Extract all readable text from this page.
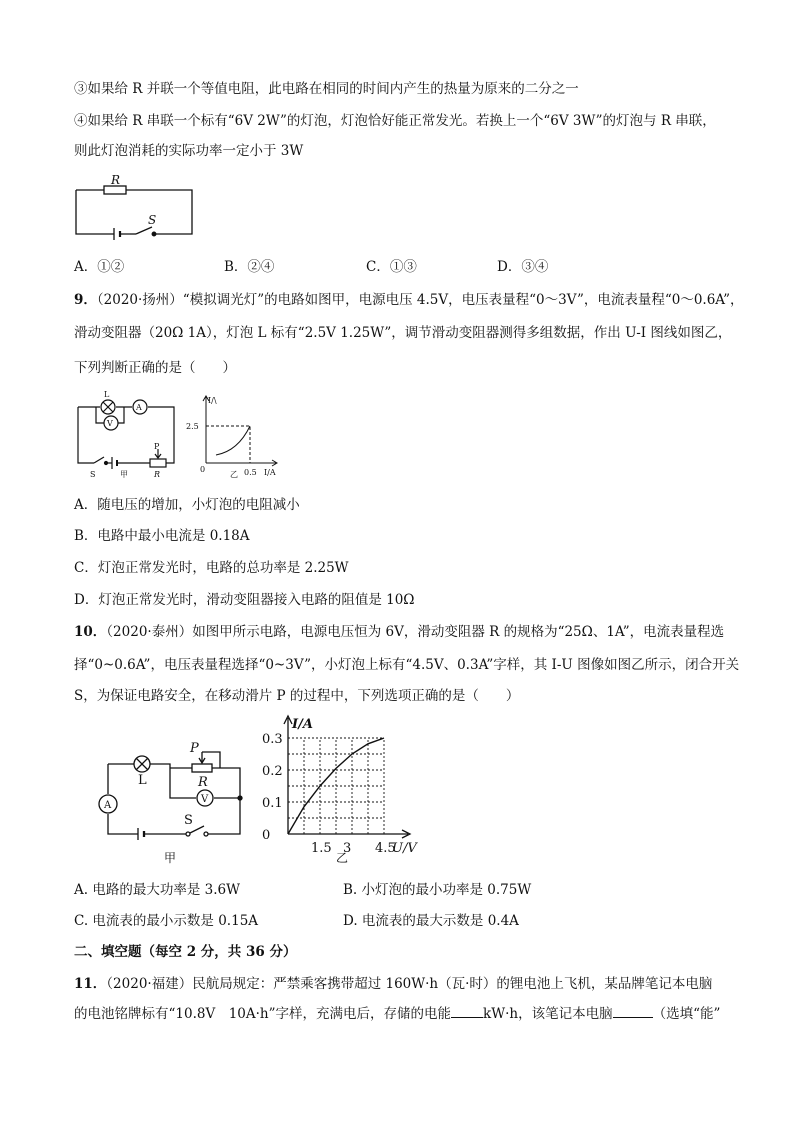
③如果给 R 并联一个等值电阻，此电路在相同的时间内产生的热量为原来的二分之一
④如果给 R 串联一个标有“6V 2W”的灯泡，灯泡恰好能正常发光。若换上一个“6V 3W”的灯泡与 R 串联，
则此灯泡消耗的实际功率一定小于 3W
R
S
A．①②	B．②④	C．①③	D．③④
9．（2020·扬州）“模拟调光灯”的电路如图甲，电源电压 4.5V，电压表量程“0～3V”，电流表量程“0～0.6A”，
滑动变阻器（20Ω 1A），灯泡 L 标有“2.5V 1.25W”，调节滑动变阻器测得多组数据，作出 U-I 图线如图乙，
下列判断正确的是（　　）
L
A
V
P
R
S	甲
I/\
2.5
0	0.5 I/A
乙
A．随电压的增加，小灯泡的电阻减小
B．电路中最小电流是 0.18A
C．灯泡正常发光时，电路的总功率是 2.25W
D．灯泡正常发光时，滑动变阻器接入电路的阻值是 10Ω
10．（2020·泰州）如图甲所示电路，电源电压恒为 6V，滑动变阻器 R 的规格为“25Ω、1A”，电流表量程选
择“0~0.6A”，电压表量程选择“0~3V”，小灯泡上标有“4.5V、0.3A”字样，其 I-U 图像如图乙所示，闭合开关
S，为保证电路安全，在移动滑片 P 的过程中，下列选项正确的是（　　）
L
A
V
P
R
S
甲
I/A
0.3
0.2
0.1
0
1.5 3 4.5
U/V
乙
A. 电路的最大功率是 3.6W	B. 小灯泡的最小功率是 0.75W
C. 电流表的最小示数是 0.15A	D. 电流表的最大示数是 0.4A
二、填空题（每空 2 分，共 36 分）
11．（2020·福建）民航局规定：严禁乘客携带超过 160W·h（瓦·时）的锂电池上飞机，某品牌笔记本电脑
的电池铭牌标有“10.8V　10A·h”字样，充满电后，存储的电能 kW·h，该笔记本电脑	（选填“能”
